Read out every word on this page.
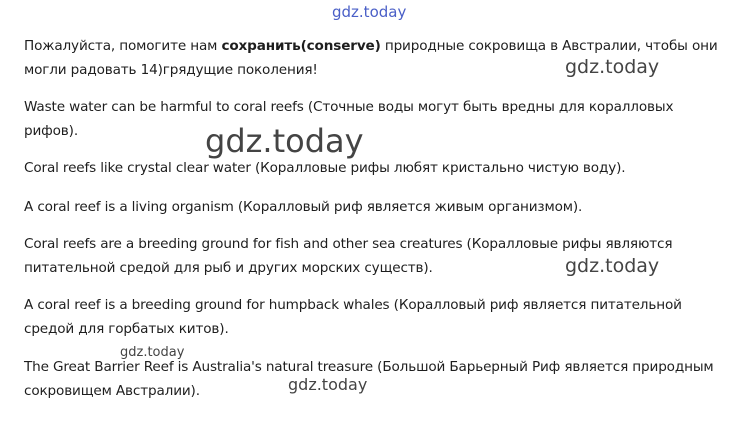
gdz.today

Пожалуйста, помогите нам сохранить(conserve) природные сокровища в Австралии, чтобы они могли радовать 14)грядущие поколения!

Waste water can be harmful to coral reefs (Сточные воды могут быть вредны для коралловых рифов).

Coral reefs like crystal clear water (Коралловые рифы любят кристально чистую воду).

A coral reef is a living organism (Коралловый риф является живым организмом).

Coral reefs are a breeding ground for fish and other sea creatures (Коралловые рифы являются питательной средой для рыб и других морских существ).

A coral reef is a breeding ground for humpback whales (Коралловый риф является питательной средой для горбатых китов).

The Great Barrier Reef is Australia's natural treasure (Большой Барьерный Риф является природным сокровищем Австралии).

gdz.today
gdz.today
gdz.today
gdz.today
gdz.today
